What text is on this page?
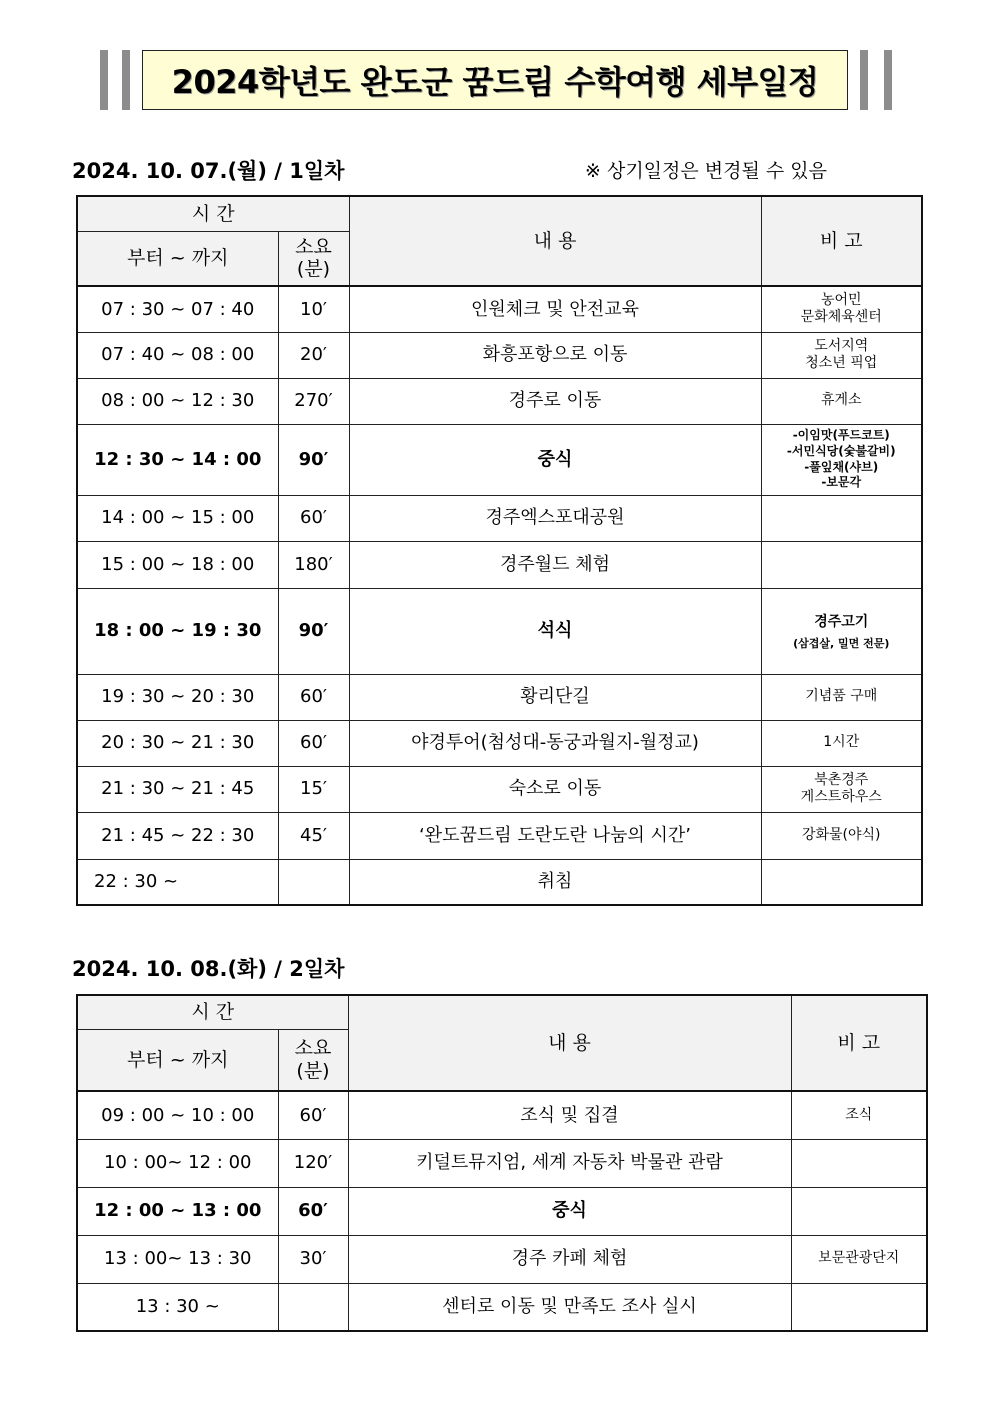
2024학년도 완도군 꿈드림 수학여행 세부일정
2024. 10. 07.(월) / 1일차	※ 상기일정은 변경될 수 있음
시 간		내 용	비 고
부터 ~ 까지	소요
(분)		
07 : 30 ~ 07 : 40	10′	인원체크 및 안전교육	농어민
문화체육센터
07 : 40 ~ 08 : 00	20′	화흥포항으로 이동	도서지역
청소년 픽업
08 : 00 ~ 12 : 30	270′	경주로 이동	휴게소
12 : 30 ~ 14 : 00	90′	중식	-이임맛(푸드코트)
-서민식당(숯불갈비)
-풀잎채(샤브)
-보문각
14 : 00 ~ 15 : 00	60′	경주엑스포대공원	
15 : 00 ~ 18 : 00	180′	경주월드 체험	
18 : 00 ~ 19 : 30	90′	석식	경주고기
(삼겹살, 밀면 전문)
19 : 30 ~ 20 : 30	60′	황리단길	기념품 구매
20 : 30 ~ 21 : 30	60′	야경투어(첨성대-동궁과월지-월정교)	1시간
21 : 30 ~ 21 : 45	15′	숙소로 이동	북촌경주
게스트하우스
21 : 45 ~ 22 : 30	45′	‘완도꿈드림 도란도란 나눔의 시간’	강화물(야식)
22 : 30 ~		취침	
2024. 10. 08.(화) / 2일차
시 간		내 용	비 고
부터 ~ 까지	소요
(분)		
09 : 00 ~ 10 : 00	60′	조식 및 집결	조식
10 : 00~ 12 : 00	120′	키덜트뮤지엄, 세계 자동차 박물관 관람	
12 : 00 ~ 13 : 00	60′	중식	
13 : 00~ 13 : 30	30′	경주 카페 체험	보문관광단지
13 : 30 ~		센터로 이동 및 만족도 조사 실시	
